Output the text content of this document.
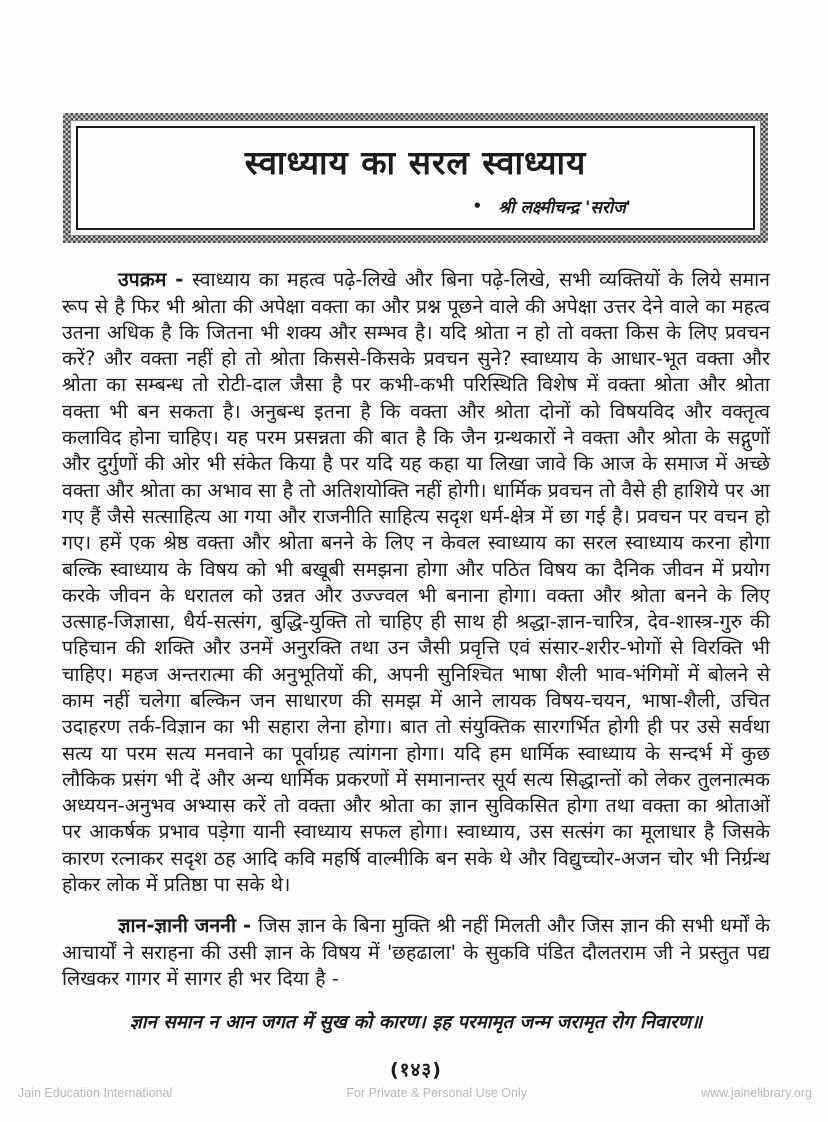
स्वाध्याय का सरल स्वाध्याय
• श्री लक्ष्मीचन्द्र 'सरोज'

उपक्रम - स्वाध्याय का महत्व पढ़े-लिखे और बिना पढ़े-लिखे, सभी व्यक्तियों के लिये समान रूप से है फिर भी श्रोता की अपेक्षा वक्ता का और प्रश्न पूछने वाले की अपेक्षा उत्तर देने वाले का महत्व उतना अधिक है कि जितना भी शक्य और सम्भव है। यदि श्रोता न हो तो वक्ता किस के लिए प्रवचन करें? और वक्ता नहीं हो तो श्रोता किससे-किसके प्रवचन सुने? स्वाध्याय के आधार-भूत वक्ता और श्रोता का सम्बन्ध तो रोटी-दाल जैसा है पर कभी-कभी परिस्थिति विशेष में वक्ता श्रोता और श्रोता वक्ता भी बन सकता है। अनुबन्ध इतना है कि वक्ता और श्रोता दोनों को विषयविद और वक्तृत्व कलाविद होना चाहिए। यह परम प्रसन्नता की बात है कि जैन ग्रन्थकारों ने वक्ता और श्रोता के सद्गुणों और दुर्गुणों की ओर भी संकेत किया है पर यदि यह कहा या लिखा जावे कि आज के समाज में अच्छे वक्ता और श्रोता का अभाव सा है तो अतिशयोक्ति नहीं होगी। धार्मिक प्रवचन तो वैसे ही हाशिये पर आ गए हैं जैसे सत्साहित्य आ गया और राजनीति साहित्य सदृश धर्म-क्षेत्र में छा गई है। प्रवचन पर वचन हो गए। हमें एक श्रेष्ठ वक्ता और श्रोता बनने के लिए न केवल स्वाध्याय का सरल स्वाध्याय करना होगा बल्कि स्वाध्याय के विषय को भी बखूबी समझना होगा और पठित विषय का दैनिक जीवन में प्रयोग करके जीवन के धरातल को उन्नत और उज्ज्वल भी बनाना होगा। वक्ता और श्रोता बनने के लिए उत्साह-जिज्ञासा, धैर्य-सत्संग, बुद्धि-युक्ति तो चाहिए ही साथ ही श्रद्धा-ज्ञान-चारित्र, देव-शास्त्र-गुरु की पहिचान की शक्ति और उनमें अनुरक्ति तथा उन जैसी प्रवृत्ति एवं संसार-शरीर-भोगों से विरक्ति भी चाहिए। महज अन्तरात्मा की अनुभूतियों की, अपनी सुनिश्चित भाषा शैली भाव-भंगिमों में बोलने से काम नहीं चलेगा बल्किन जन साधारण की समझ में आने लायक विषय-चयन, भाषा-शैली, उचित उदाहरण तर्क-विज्ञान का भी सहारा लेना होगा। बात तो संयुक्तिक सारगर्भित होगी ही पर उसे सर्वथा सत्य या परम सत्य मनवाने का पूर्वाग्रह त्यांगना होगा। यदि हम धार्मिक स्वाध्याय के सन्दर्भ में कुछ लौकिक प्रसंग भी दें और अन्य धार्मिक प्रकरणों में समानान्तर सूर्य सत्य सिद्धान्तों को लेकर तुलनात्मक अध्ययन-अनुभव अभ्यास करें तो वक्ता और श्रोता का ज्ञान सुविकसित होगा तथा वक्ता का श्रोताओं पर आकर्षक प्रभाव पड़ेगा यानी स्वाध्याय सफल होगा। स्वाध्याय, उस सत्संग का मूलाधार है जिसके कारण रत्नाकर सदृश ठह आदि कवि महर्षि वाल्मीकि बन सके थे और विद्युच्चोर-अजन चोर भी निर्ग्रन्थ होकर लोक में प्रतिष्ठा पा सके थे।

ज्ञान-ज्ञानी जननी - जिस ज्ञान के बिना मुक्ति श्री नहीं मिलती और जिस ज्ञान की सभी धर्मों के आचार्यों ने सराहना की उसी ज्ञान के विषय में 'छहढाला' के सुकवि पंडित दौलतराम जी ने प्रस्तुत पद्य लिखकर गागर में सागर ही भर दिया है -

ज्ञान समान न आन जगत में सुख को कारण। इह परमामृत जन्म जरामृत रोग निवारण॥

(१४३)

Jain Education International	For Private & Personal Use Only	www.jainelibrary.org
